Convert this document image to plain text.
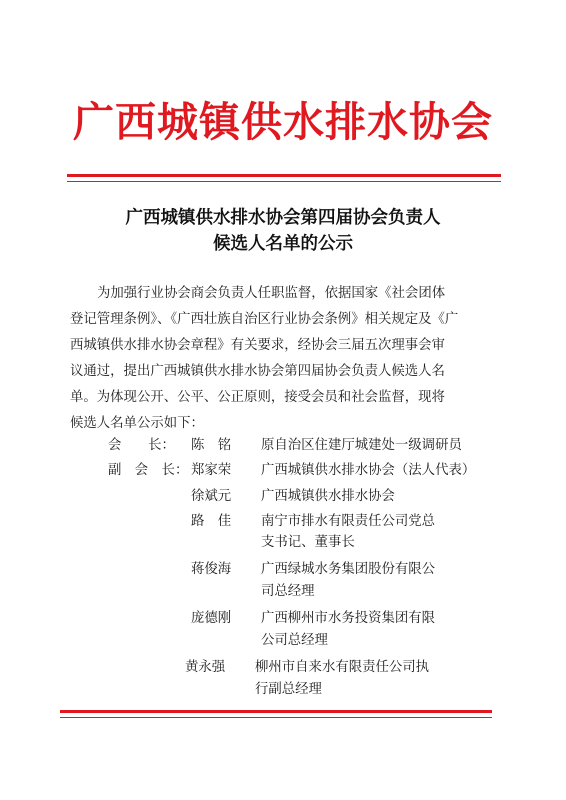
广西城镇供水排水协会
广西城镇供水排水协会第四届协会负责人
候选人名单的公示
为加强行业协会商会负责人任职监督，依据国家《社会团体
登记管理条例》、《广西壮族自治区行业协会条例》相关规定及《广
西城镇供水排水协会章程》有关要求，经协会三届五次理事会审
议通过，提出广西城镇供水排水协会第四届协会负责人候选人名
单。为体现公开、公平、公正原则，接受会员和社会监督，现将
候选人名单公示如下：
会　　长： 陈　铭 原自治区住建厅城建处一级调研员
副　会　长： 郑家荣 广西城镇供水排水协会（法人代表）
徐斌元 广西城镇供水排水协会
路　佳 南宁市排水有限责任公司党总
支书记、董事长
蒋俊海 广西绿城水务集团股份有限公
司总经理
庞德刚 广西柳州市水务投资集团有限
公司总经理
黄永强 柳州市自来水有限责任公司执
行副总经理
